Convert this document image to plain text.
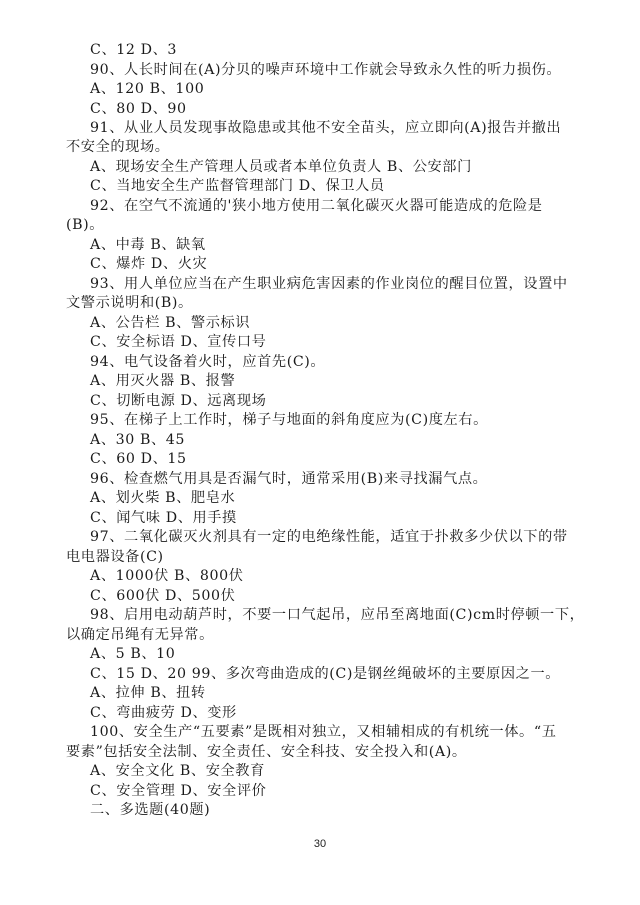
C、12 D、3
90、人长时间在(A)分贝的噪声环境中工作就会导致永久性的听力损伤。
A、120 B、100
C、80 D、90
91、从业人员发现事故隐患或其他不安全苗头，应立即向(A)报告并撤出
不安全的现场。
A、现场安全生产管理人员或者本单位负责人 B、公安部门
C、当地安全生产监督管理部门 D、保卫人员
92、在空气不流通的'狭小地方使用二氧化碳灭火器可能造成的危险是
(B)。
A、中毒 B、缺氧
C、爆炸 D、火灾
93、用人单位应当在产生职业病危害因素的作业岗位的醒目位置，设置中
文警示说明和(B)。
A、公告栏 B、警示标识
C、安全标语 D、宣传口号
94、电气设备着火时，应首先(C)。
A、用灭火器 B、报警
C、切断电源 D、远离现场
95、在梯子上工作时，梯子与地面的斜角度应为(C)度左右。
A、30 B、45
C、60 D、15
96、检查燃气用具是否漏气时，通常采用(B)来寻找漏气点。
A、划火柴 B、肥皂水
C、闻气味 D、用手摸
97、二氧化碳灭火剂具有一定的电绝缘性能，适宜于扑救多少伏以下的带
电电器设备(C)
A、1000伏 B、800伏
C、600伏 D、500伏
98、启用电动葫芦时，不要一口气起吊，应吊至离地面(C)cm时停顿一下，
以确定吊绳有无异常。
A、5 B、10
C、15 D、20 99、多次弯曲造成的(C)是钢丝绳破坏的主要原因之一。
A、拉伸 B、扭转
C、弯曲疲劳 D、变形
100、安全生产“五要素”是既相对独立，又相辅相成的有机统一体。“五
要素”包括安全法制、安全责任、安全科技、安全投入和(A)。
A、安全文化 B、安全教育
C、安全管理 D、安全评价
二、多选题(40题)
30
